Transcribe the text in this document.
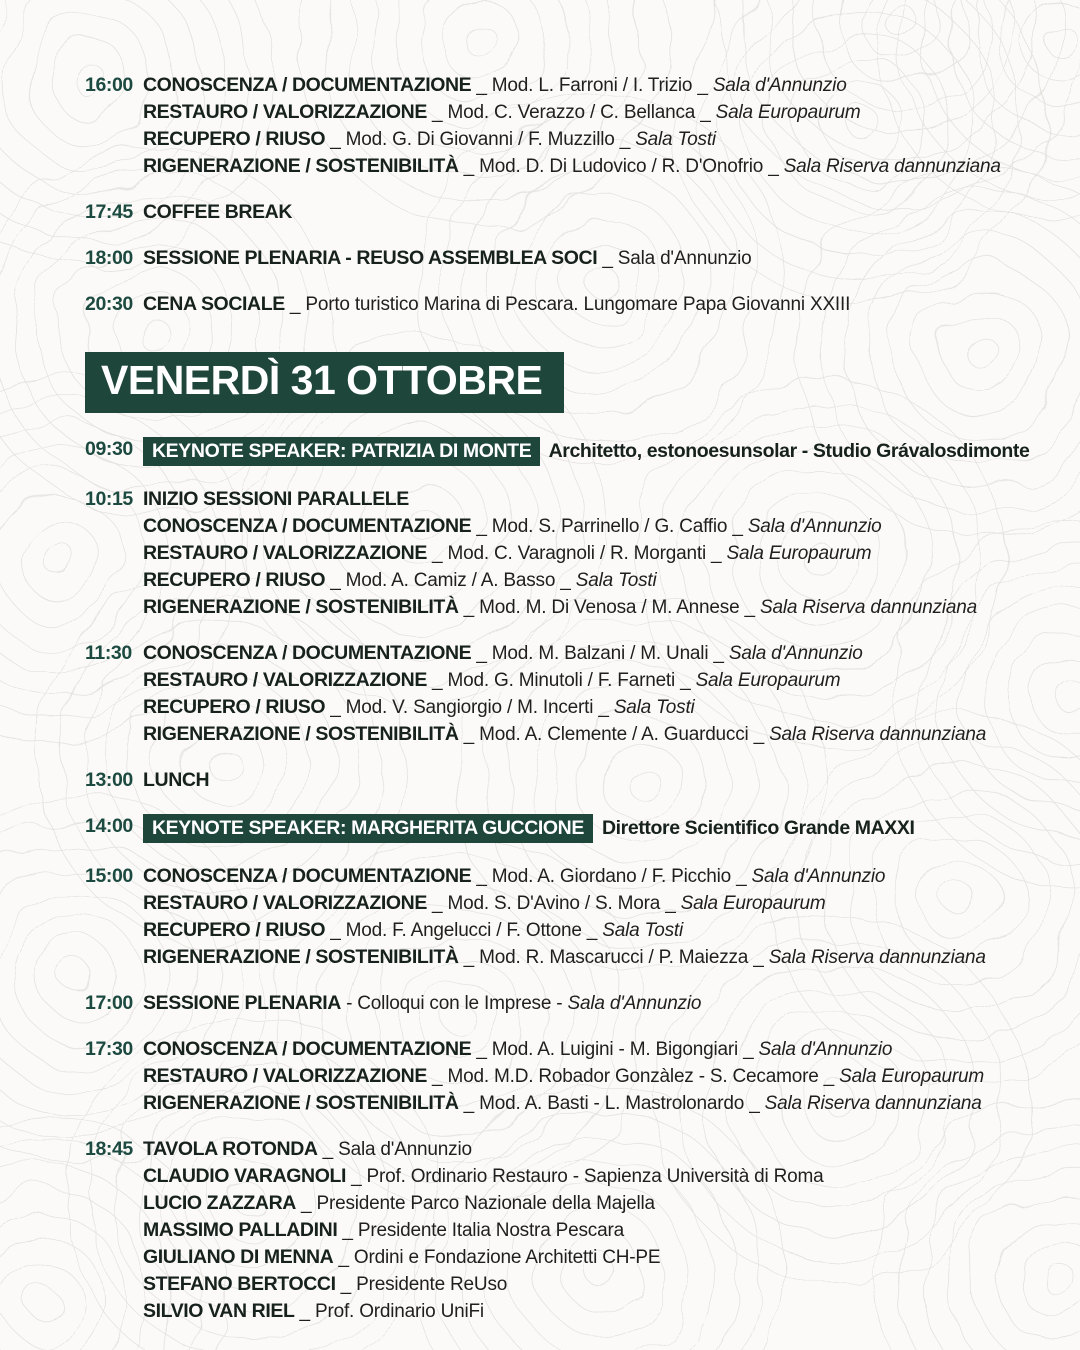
16:00 CONOSCENZA / DOCUMENTAZIONE _ Mod. L. Farroni / I. Trizio _ Sala d'Annunzio
RESTAURO / VALORIZZAZIONE _ Mod. C. Verazzo / C. Bellanca _ Sala Europaurum
RECUPERO / RIUSO _ Mod. G. Di Giovanni / F. Muzzillo _ Sala Tosti
RIGENERAZIONE / SOSTENIBILITÀ _ Mod. D. Di Ludovico / R. D'Onofrio _ Sala Riserva dannunziana
17:45 COFFEE BREAK
18:00 SESSIONE PLENARIA - REUSO ASSEMBLEA SOCI _ Sala d'Annunzio
20:30 CENA SOCIALE _ Porto turistico Marina di Pescara. Lungomare Papa Giovanni XXIII
VENERDÌ 31 OTTOBRE
09:30 KEYNOTE SPEAKER: PATRIZIA DI MONTE Architetto, estonoesunsolar - Studio Grávalosdimonte
10:15 INIZIO SESSIONI PARALLELE
CONOSCENZA / DOCUMENTAZIONE _ Mod. S. Parrinello / G. Caffio _ Sala d'Annunzio
RESTAURO / VALORIZZAZIONE _ Mod. C. Varagnoli / R. Morganti _ Sala Europaurum
RECUPERO / RIUSO _ Mod. A. Camiz / A. Basso _ Sala Tosti
RIGENERAZIONE / SOSTENIBILITÀ _ Mod. M. Di Venosa / M. Annese _ Sala Riserva dannunziana
11:30 CONOSCENZA / DOCUMENTAZIONE _ Mod. M. Balzani / M. Unali _ Sala d'Annunzio
RESTAURO / VALORIZZAZIONE _ Mod. G. Minutoli / F. Farneti _ Sala Europaurum
RECUPERO / RIUSO _ Mod. V. Sangiorgio / M. Incerti _ Sala Tosti
RIGENERAZIONE / SOSTENIBILITÀ _ Mod. A. Clemente / A. Guarducci _ Sala Riserva dannunziana
13:00 LUNCH
14:00 KEYNOTE SPEAKER: MARGHERITA GUCCIONE Direttore Scientifico Grande MAXXI
15:00 CONOSCENZA / DOCUMENTAZIONE _ Mod. A. Giordano / F. Picchio _ Sala d'Annunzio
RESTAURO / VALORIZZAZIONE _ Mod. S. D'Avino / S. Mora _ Sala Europaurum
RECUPERO / RIUSO _ Mod. F. Angelucci / F. Ottone _ Sala Tosti
RIGENERAZIONE / SOSTENIBILITÀ _ Mod. R. Mascarucci / P. Maiezza _ Sala Riserva dannunziana
17:00 SESSIONE PLENARIA - Colloqui con le Imprese - Sala d'Annunzio
17:30 CONOSCENZA / DOCUMENTAZIONE _ Mod. A. Luigini - M. Bigongiari _ Sala d'Annunzio
RESTAURO / VALORIZZAZIONE _ Mod. M.D. Robador Gonzàlez - S. Cecamore _ Sala Europaurum
RIGENERAZIONE / SOSTENIBILITÀ _ Mod. A. Basti - L. Mastrolonardo _ Sala Riserva dannunziana
18:45 TAVOLA ROTONDA _ Sala d'Annunzio
CLAUDIO VARAGNOLI _ Prof. Ordinario Restauro - Sapienza Università di Roma
LUCIO ZAZZARA _ Presidente Parco Nazionale della Majella
MASSIMO PALLADINI _ Presidente Italia Nostra Pescara
GIULIANO DI MENNA _ Ordini e Fondazione Architetti CH-PE
STEFANO BERTOCCI _ Presidente ReUso
SILVIO VAN RIEL _ Prof. Ordinario UniFi
